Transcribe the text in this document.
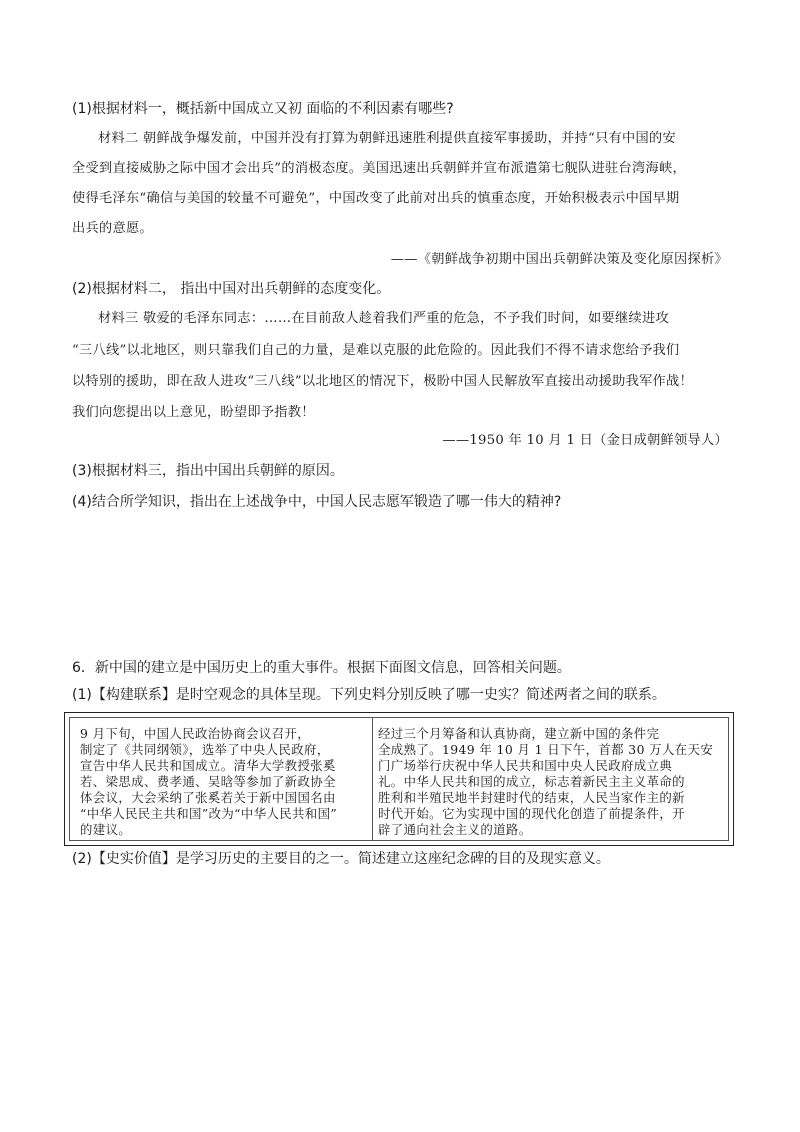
(1)根据材料一，概括新中国成立又初 面临的不利因素有哪些?
材料二 朝鲜战争爆发前，中国并没有打算为朝鲜迅速胜利提供直接军事援助，并持“只有中国的安
全受到直接威胁之际中国才会出兵”的消极态度。美国迅速出兵朝鲜并宣布派遣第七舰队进驻台湾海峡，
使得毛泽东“确信与美国的较量不可避免”，中国改变了此前对出兵的慎重态度，开始积极表示中国早期
出兵的意愿。
——《朝鲜战争初期中国出兵朝鲜决策及变化原因探析》
(2)根据材料二， 指出中国对出兵朝鲜的态度变化。
材料三 敬爱的毛泽东同志：……在目前敌人趁着我们严重的危急，不予我们时间，如要继续进攻
“三八线”以北地区，则只靠我们自己的力量，是难以克服的此危险的。因此我们不得不请求您给予我们
以特别的援助，即在敌人进攻“三八线”以北地区的情况下，极盼中国人民解放军直接出动援助我军作战！
我们向您提出以上意见，盼望即予指教！
——1950 年 10 月 1 日（金日成朝鲜领导人）
(3)根据材料三，指出中国出兵朝鲜的原因。
(4)结合所学知识，指出在上述战争中，中国人民志愿军锻造了哪一伟大的精神?
6．新中国的建立是中国历史上的重大事件。根据下面图文信息，回答相关问题。
(1)【构建联系】是时空观念的具体呈现。下列史料分别反映了哪一史实？简述两者之间的联系。
9 月下旬，中国人民政治协商会议召开，
制定了《共同纲领》，选举了中央人民政府，
宣告中华人民共和国成立。清华大学教授张奚
若、梁思成、费孝通、吴晗等参加了新政协全
体会议，大会采纳了张奚若关于新中国国名由
“中华人民民主共和国”改为“中华人民共和国”
的建议。
经过三个月筹备和认真协商，建立新中国的条件完
全成熟了。1949 年 10 月 1 日下午，首都 30 万人在天安
门广场举行庆祝中华人民共和国中央人民政府成立典
礼。中华人民共和国的成立，标志着新民主主义革命的
胜利和半殖民地半封建时代的结束，人民当家作主的新
时代开始。它为实现中国的现代化创造了前提条件，开
辟了通向社会主义的道路。
(2)【史实价值】是学习历史的主要目的之一。简述建立这座纪念碑的目的及现实意义。
